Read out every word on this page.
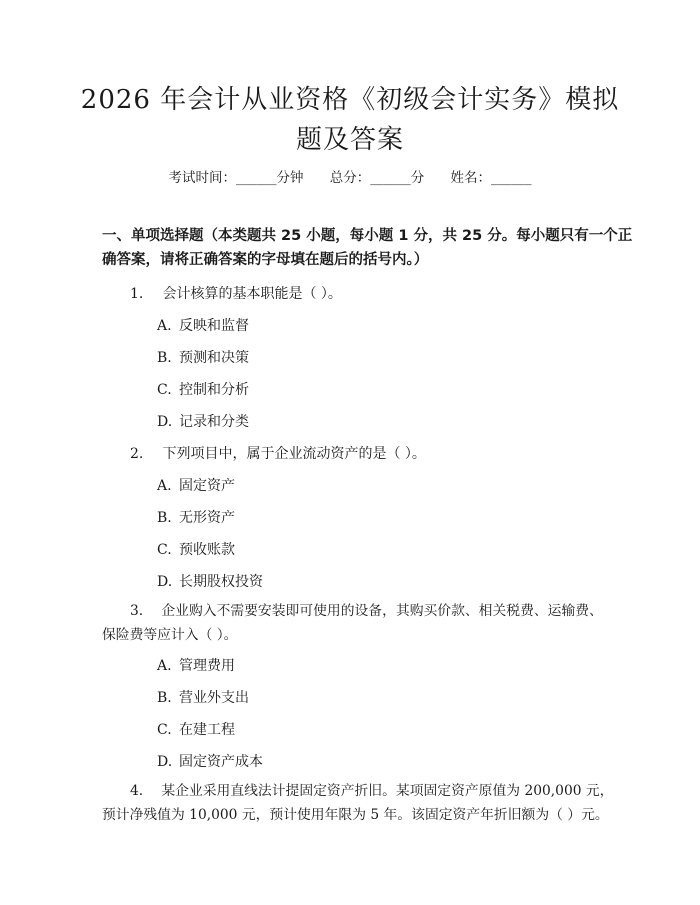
2026 年会计从业资格《初级会计实务》模拟
题及答案
考试时间：______分钟 总分：______分 姓名：______
一、单项选择题（本类题共 25 小题，每小题 1 分，共 25 分。每小题只有一个正
确答案，请将正确答案的字母填在题后的括号内。）
1. 会计核算的基本职能是（ ）。
A. 反映和监督
B. 预测和决策
C. 控制和分析
D. 记录和分类
2. 下列项目中，属于企业流动资产的是（ ）。
A. 固定资产
B. 无形资产
C. 预收账款
D. 长期股权投资
3.　 企业购入不需要安装即可使用的设备，其购买价款、相关税费、运输费、
保险费等应计入（ ）。
A. 管理费用
B. 营业外支出
C. 在建工程
D. 固定资产成本
4.　 某企业采用直线法计提固定资产折旧。某项固定资产原值为 200,000 元，
预计净残值为 10,000 元，预计使用年限为 5 年。该固定资产年折旧额为（ ）元。
